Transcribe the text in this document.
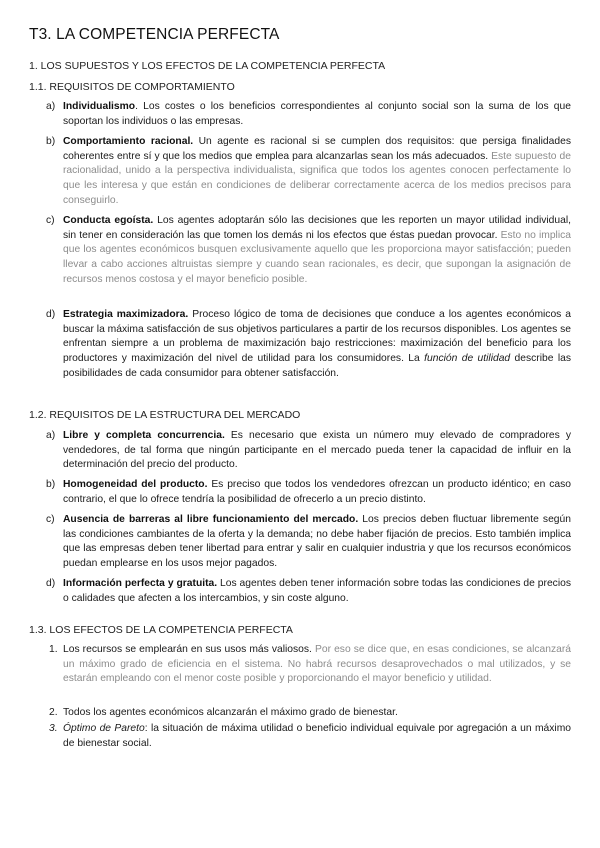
T3. LA COMPETENCIA PERFECTA
1. LOS SUPUESTOS Y LOS EFECTOS DE LA COMPETENCIA PERFECTA
1.1. REQUISITOS DE COMPORTAMIENTO

a) Individualismo. Los costes o los beneficios correspondientes al conjunto social son la suma de los que soportan los individuos o las empresas.

b) Comportamiento racional. Un agente es racional si se cumplen dos requisitos: que persiga finalidades coherentes entre sí y que los medios que emplea para alcanzarlas sean los más adecuados. Este supuesto de racionalidad, unido a la perspectiva individualista, significa que todos los agentes conocen perfectamente lo que les interesa y que están en condiciones de deliberar correctamente acerca de los medios precisos para conseguirlo.

c) Conducta egoísta. Los agentes adoptarán sólo las decisiones que les reporten un mayor utilidad individual, sin tener en consideración las que tomen los demás ni los efectos que éstas puedan provocar. Esto no implica que los agentes económicos busquen exclusivamente aquello que les proporciona mayor satisfacción; pueden llevar a cabo acciones altruistas siempre y cuando sean racionales, es decir, que supongan la asignación de recursos menos costosa y el mayor beneficio posible.

d) Estrategia maximizadora. Proceso lógico de toma de decisiones que conduce a los agentes económicos a buscar la máxima satisfacción de sus objetivos particulares a partir de los recursos disponibles. Los agentes se enfrentan siempre a un problema de maximización bajo restricciones: maximización del beneficio para los productores y maximización del nivel de utilidad para los consumidores. La función de utilidad describe las posibilidades de cada consumidor para obtener satisfacción.

1.2. REQUISITOS DE LA ESTRUCTURA DEL MERCADO

a) Libre y completa concurrencia. Es necesario que exista un número muy elevado de compradores y vendedores, de tal forma que ningún participante en el mercado pueda tener la capacidad de influir en la determinación del precio del producto.

b) Homogeneidad del producto. Es preciso que todos los vendedores ofrezcan un producto idéntico; en caso contrario, el que lo ofrece tendría la posibilidad de ofrecerlo a un precio distinto.

c) Ausencia de barreras al libre funcionamiento del mercado. Los precios deben fluctuar libremente según las condiciones cambiantes de la oferta y la demanda; no debe haber fijación de precios. Esto también implica que las empresas deben tener libertad para entrar y salir en cualquier industria y que los recursos económicos puedan emplearse en los usos mejor pagados.

d) Información perfecta y gratuita. Los agentes deben tener información sobre todas las condiciones de precios o calidades que afecten a los intercambios, y sin coste alguno.

1.3. LOS EFECTOS DE LA COMPETENCIA PERFECTA

1. Los recursos se emplearán en sus usos más valiosos. Por eso se dice que, en esas condiciones, se alcanzará un máximo grado de eficiencia en el sistema. No habrá recursos desaprovechados o mal utilizados, y se estarán empleando con el menor coste posible y proporcionando el mayor beneficio y utilidad.

2. Todos los agentes económicos alcanzarán el máximo grado de bienestar.

3. Óptimo de Pareto: la situación de máxima utilidad o beneficio individual equivale por agregación a un máximo de bienestar social.
